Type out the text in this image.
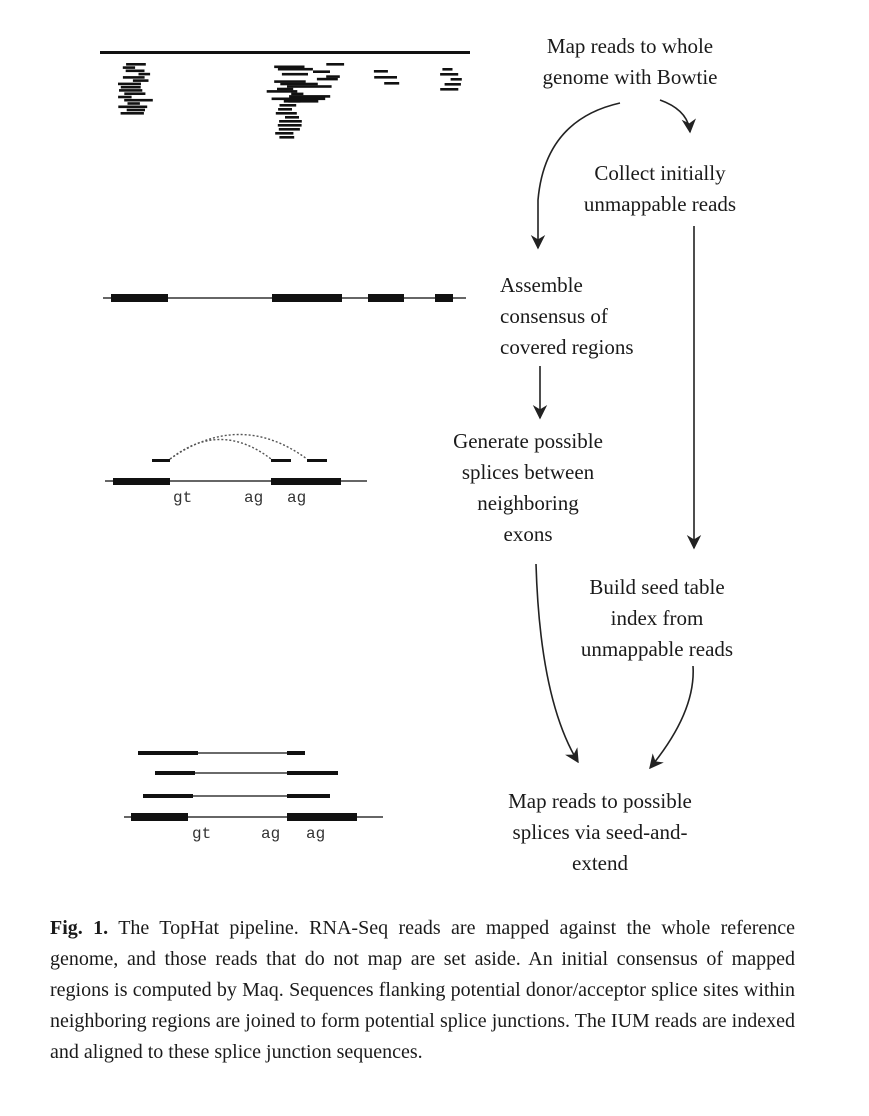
gt	ag ag
gt	ag ag
Map reads to whole
genome with Bowtie
Collect initially
unmappable reads
Assemble
consensus of
covered regions
Generate possible
splices between
neighboring
exons
Build seed table
index from
unmappable reads
Map reads to possible
splices via seed-and-
extend
Fig. 1. The TopHat pipeline. RNA-Seq reads are mapped against the whole reference genome, and those reads that do not map are set aside. An initial consensus of mapped regions is computed by Maq. Sequences flanking potential donor/acceptor splice sites within neighboring regions are joined to form potential splice junctions. The IUM reads are indexed and aligned to these splice junction sequences.
